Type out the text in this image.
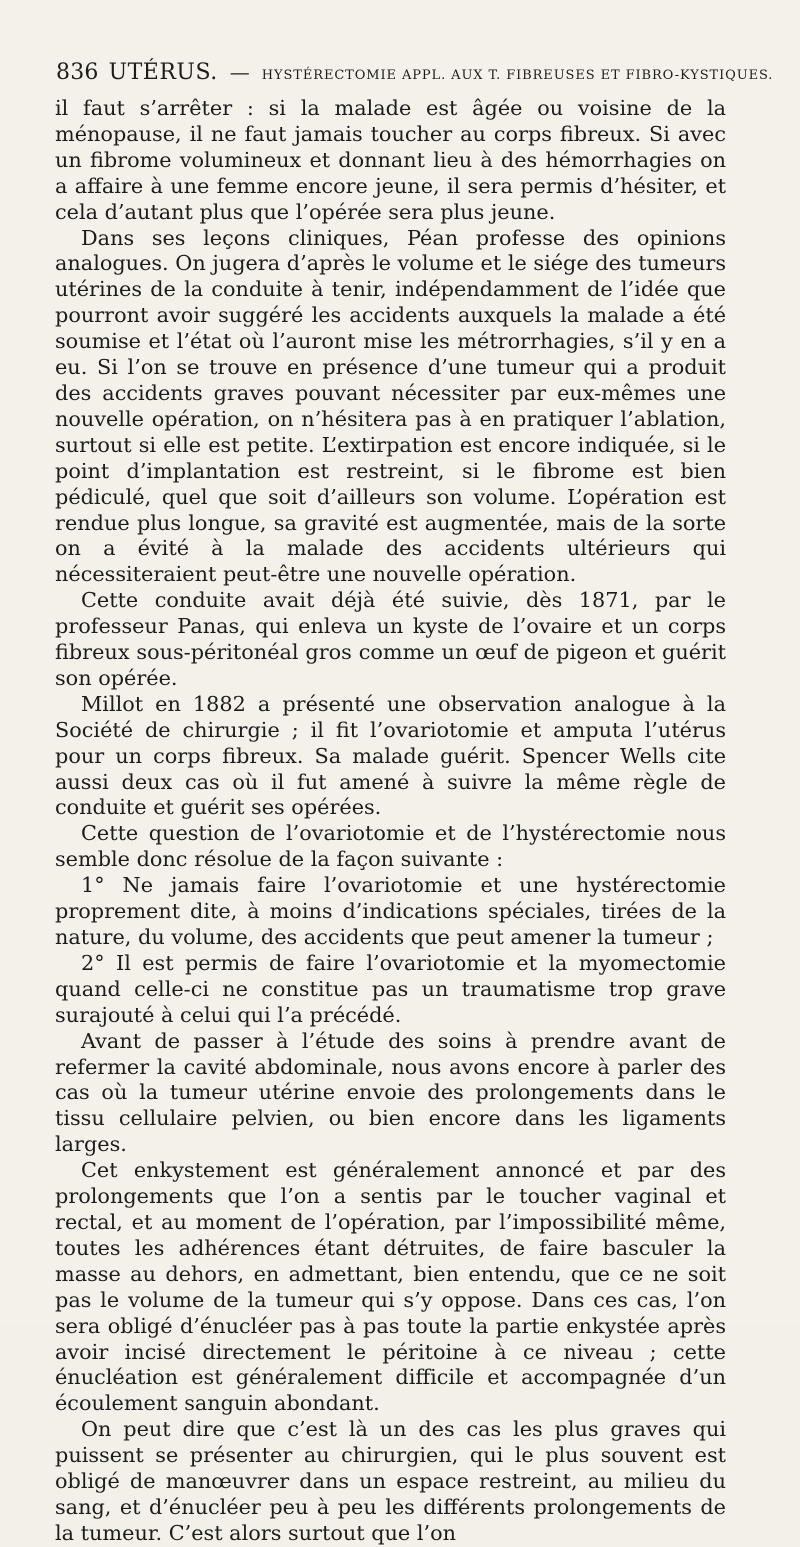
836 UTÉRUS. — HYSTÉRECTOMIE APPL. AUX T. FIBREUSES ET FIBRO-KYSTIQUES.

il faut s’arrêter : si la malade est âgée ou voisine de la ménopause, il ne faut jamais toucher au corps fibreux. Si avec un fibrome volumineux et donnant lieu à des hémorrhagies on a affaire à une femme encore jeune, il sera permis d’hésiter, et cela d’autant plus que l’opérée sera plus jeune.

Dans ses leçons cliniques, Péan professe des opinions analogues. On jugera d’après le volume et le siége des tumeurs utérines de la conduite à tenir, indépendamment de l’idée que pourront avoir suggéré les accidents auxquels la malade a été soumise et l’état où l’auront mise les métrorrhagies, s’il y en a eu. Si l’on se trouve en présence d’une tumeur qui a produit des accidents graves pouvant nécessiter par eux-mêmes une nouvelle opération, on n’hésitera pas à en pratiquer l’ablation, surtout si elle est petite. L’extirpation est encore indiquée, si le point d’implantation est restreint, si le fibrome est bien pédiculé, quel que soit d’ailleurs son volume. L’opération est rendue plus longue, sa gravité est augmentée, mais de la sorte on a évité à la malade des accidents ultérieurs qui nécessiteraient peut-être une nouvelle opération.

Cette conduite avait déjà été suivie, dès 1871, par le professeur Panas, qui enleva un kyste de l’ovaire et un corps fibreux sous-péritonéal gros comme un œuf de pigeon et guérit son opérée.

Millot en 1882 a présenté une observation analogue à la Société de chirurgie ; il fit l’ovariotomie et amputa l’utérus pour un corps fibreux. Sa malade guérit. Spencer Wells cite aussi deux cas où il fut amené à suivre la même règle de conduite et guérit ses opérées.

Cette question de l’ovariotomie et de l’hystérectomie nous semble donc résolue de la façon suivante :

1° Ne jamais faire l’ovariotomie et une hystérectomie proprement dite, à moins d’indications spéciales, tirées de la nature, du volume, des accidents que peut amener la tumeur ;

2° Il est permis de faire l’ovariotomie et la myomectomie quand celle-ci ne constitue pas un traumatisme trop grave surajouté à celui qui l’a précédé.

Avant de passer à l’étude des soins à prendre avant de refermer la cavité abdominale, nous avons encore à parler des cas où la tumeur utérine envoie des prolongements dans le tissu cellulaire pelvien, ou bien encore dans les ligaments larges.

Cet enkystement est généralement annoncé et par des prolongements que l’on a sentis par le toucher vaginal et rectal, et au moment de l’opération, par l’impossibilité même, toutes les adhérences étant détruites, de faire basculer la masse au dehors, en admettant, bien entendu, que ce ne soit pas le volume de la tumeur qui s’y oppose. Dans ces cas, l’on sera obligé d’énucléer pas à pas toute la partie enkystée après avoir incisé directement le péritoine à ce niveau ; cette énucléation est généralement difficile et accompagnée d’un écoulement sanguin abondant.

On peut dire que c’est là un des cas les plus graves qui puissent se présenter au chirurgien, qui le plus souvent est obligé de manœuvrer dans un espace restreint, au milieu du sang, et d’énucléer peu à peu les différents prolongements de la tumeur. C’est alors surtout que l’on
